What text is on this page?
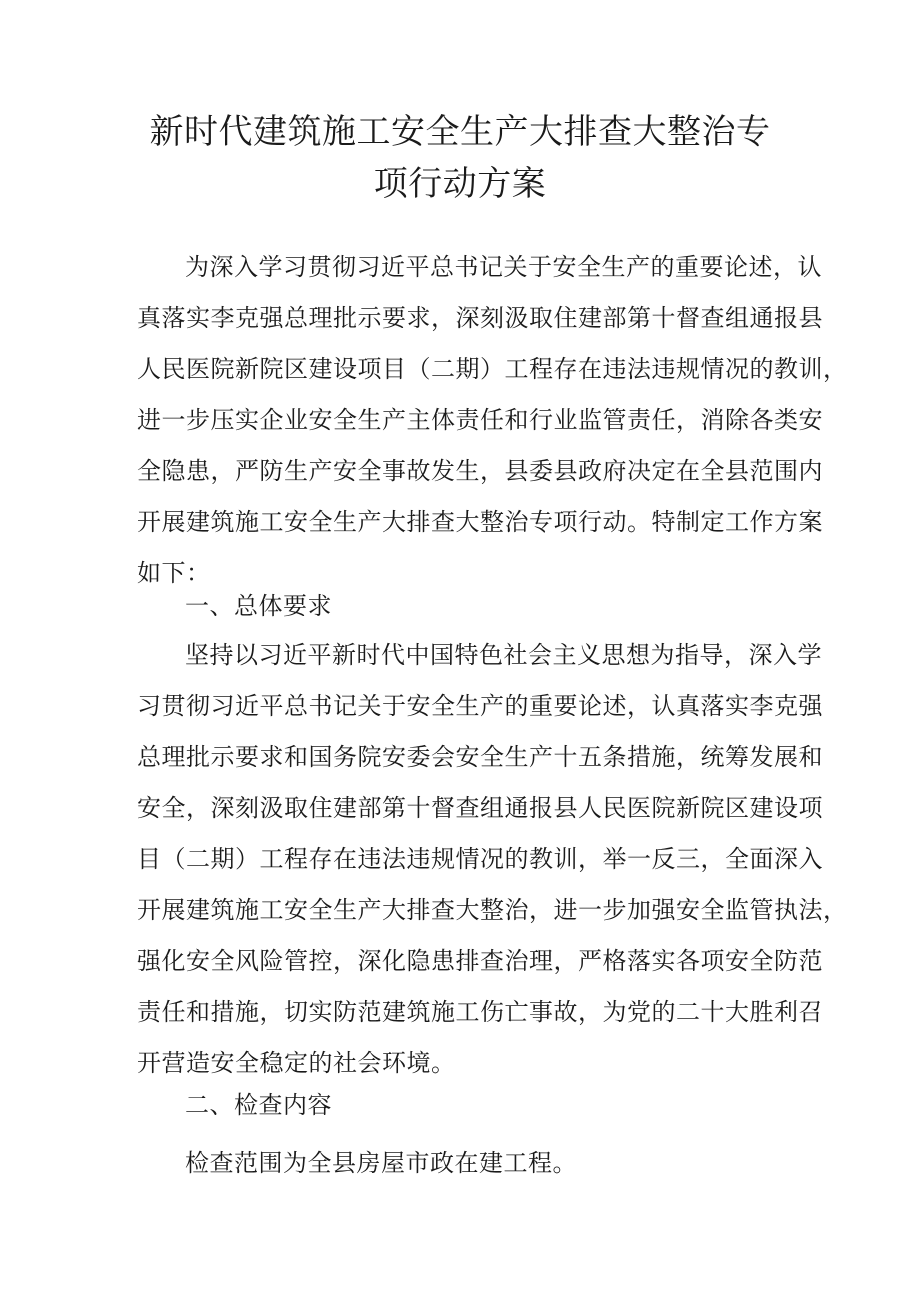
新时代建筑施工安全生产大排查大整治专
项行动方案
为深入学习贯彻习近平总书记关于安全生产的重要论述，认
真落实李克强总理批示要求，深刻汲取住建部第十督查组通报县
人民医院新院区建设项目（二期）工程存在违法违规情况的教训，
进一步压实企业安全生产主体责任和行业监管责任，消除各类安
全隐患，严防生产安全事故发生，县委县政府决定在全县范围内
开展建筑施工安全生产大排查大整治专项行动。特制定工作方案
如下：
一、总体要求
坚持以习近平新时代中国特色社会主义思想为指导，深入学
习贯彻习近平总书记关于安全生产的重要论述，认真落实李克强
总理批示要求和国务院安委会安全生产十五条措施，统筹发展和
安全，深刻汲取住建部第十督查组通报县人民医院新院区建设项
目（二期）工程存在违法违规情况的教训，举一反三，全面深入
开展建筑施工安全生产大排查大整治，进一步加强安全监管执法，
强化安全风险管控，深化隐患排查治理，严格落实各项安全防范
责任和措施，切实防范建筑施工伤亡事故，为党的二十大胜利召
开营造安全稳定的社会环境。
二、检查内容
检查范围为全县房屋市政在建工程。
